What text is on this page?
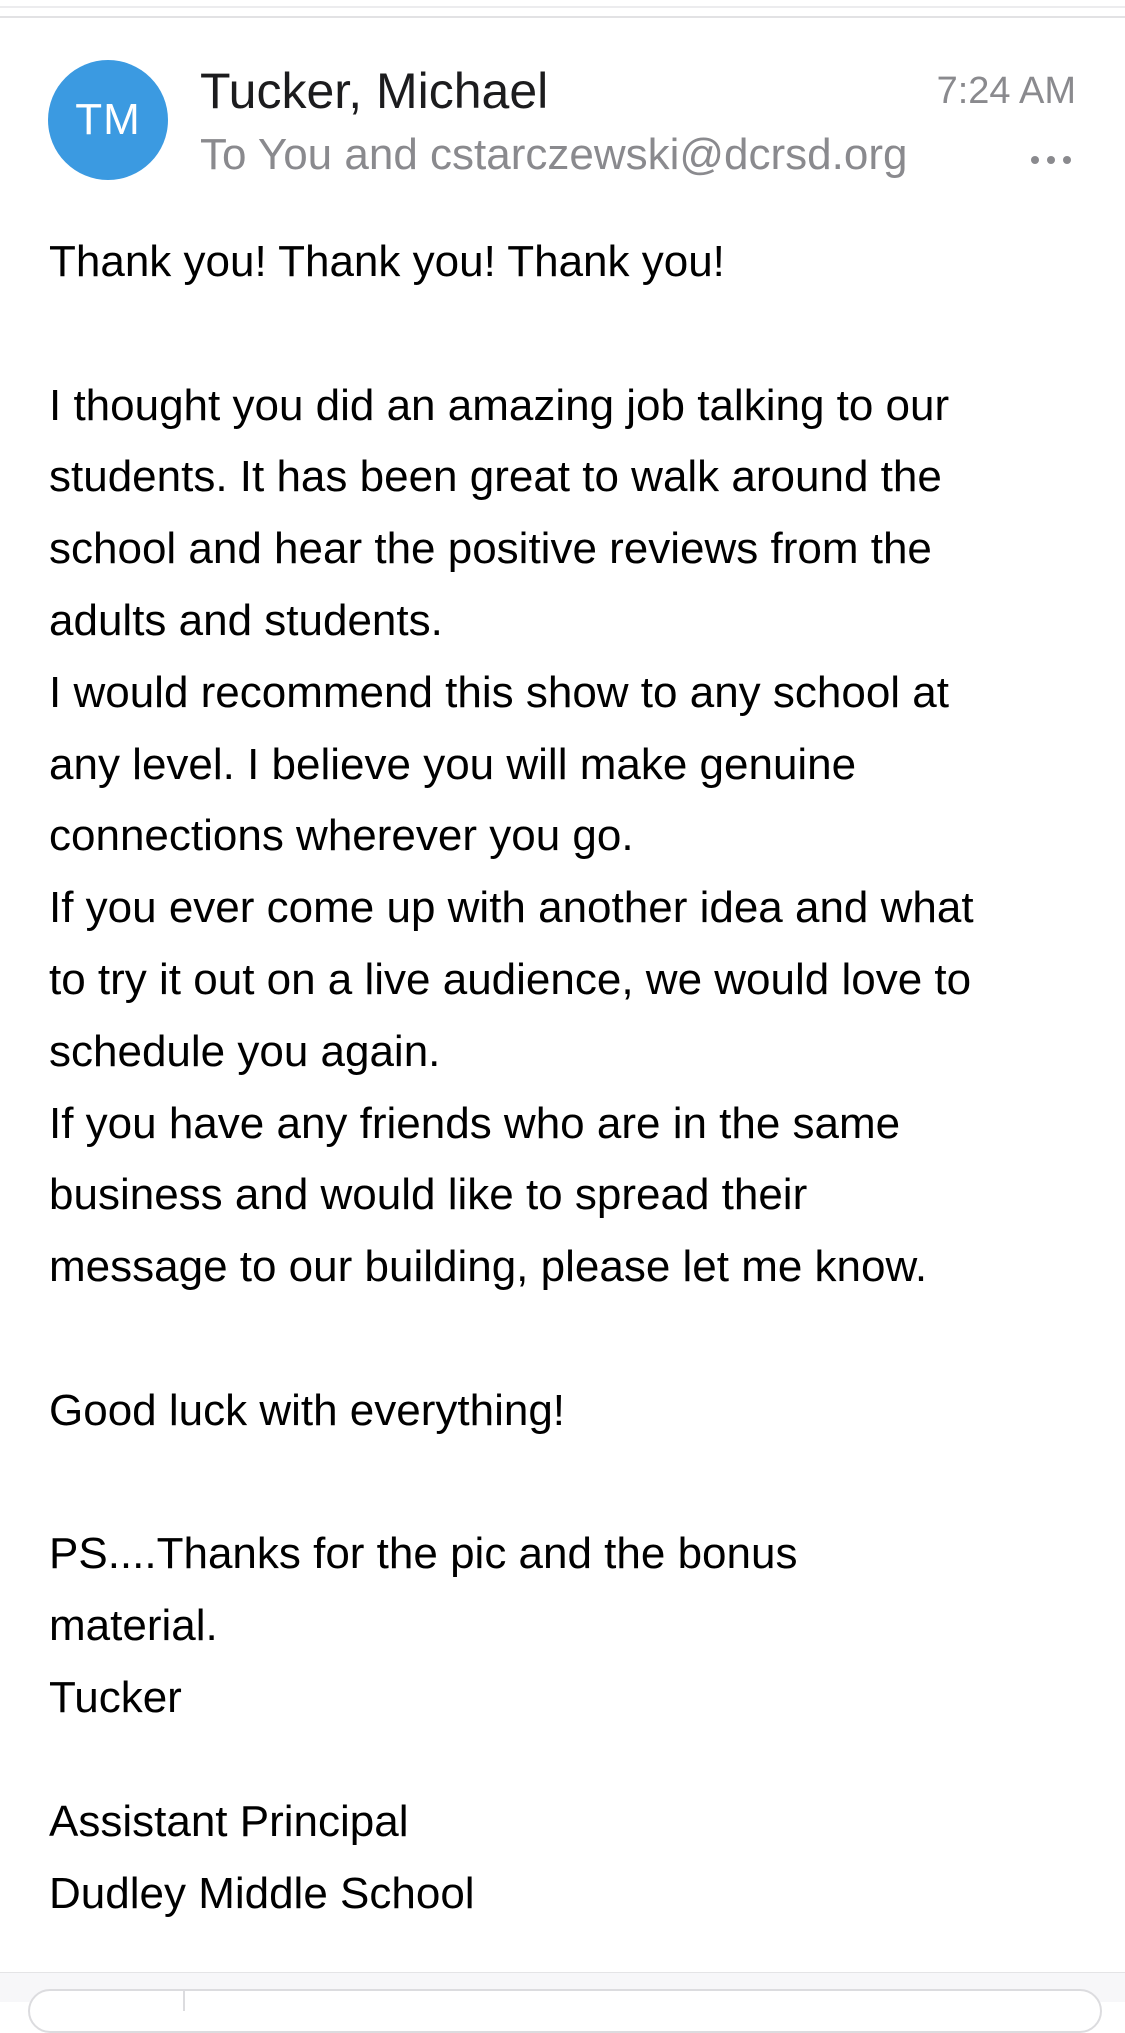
TM
Tucker, Michael	7:24 AM
To You and cstarczewski@dcrsd.org

Thank you! Thank you! Thank you!

I thought you did an amazing job talking to our

students. It has been great to walk around the

school and hear the positive reviews from the

adults and students.

I would recommend this show to any school at

any level. I believe you will make genuine

connections wherever you go.

If you ever come up with another idea and what

to try it out on a live audience, we would love to

schedule you again.

If you have any friends who are in the same

business and would like to spread their

message to our building, please let me know.

Good luck with everything!

PS....Thanks for the pic and the bonus

material.

Tucker

Assistant Principal

Dudley Middle School
